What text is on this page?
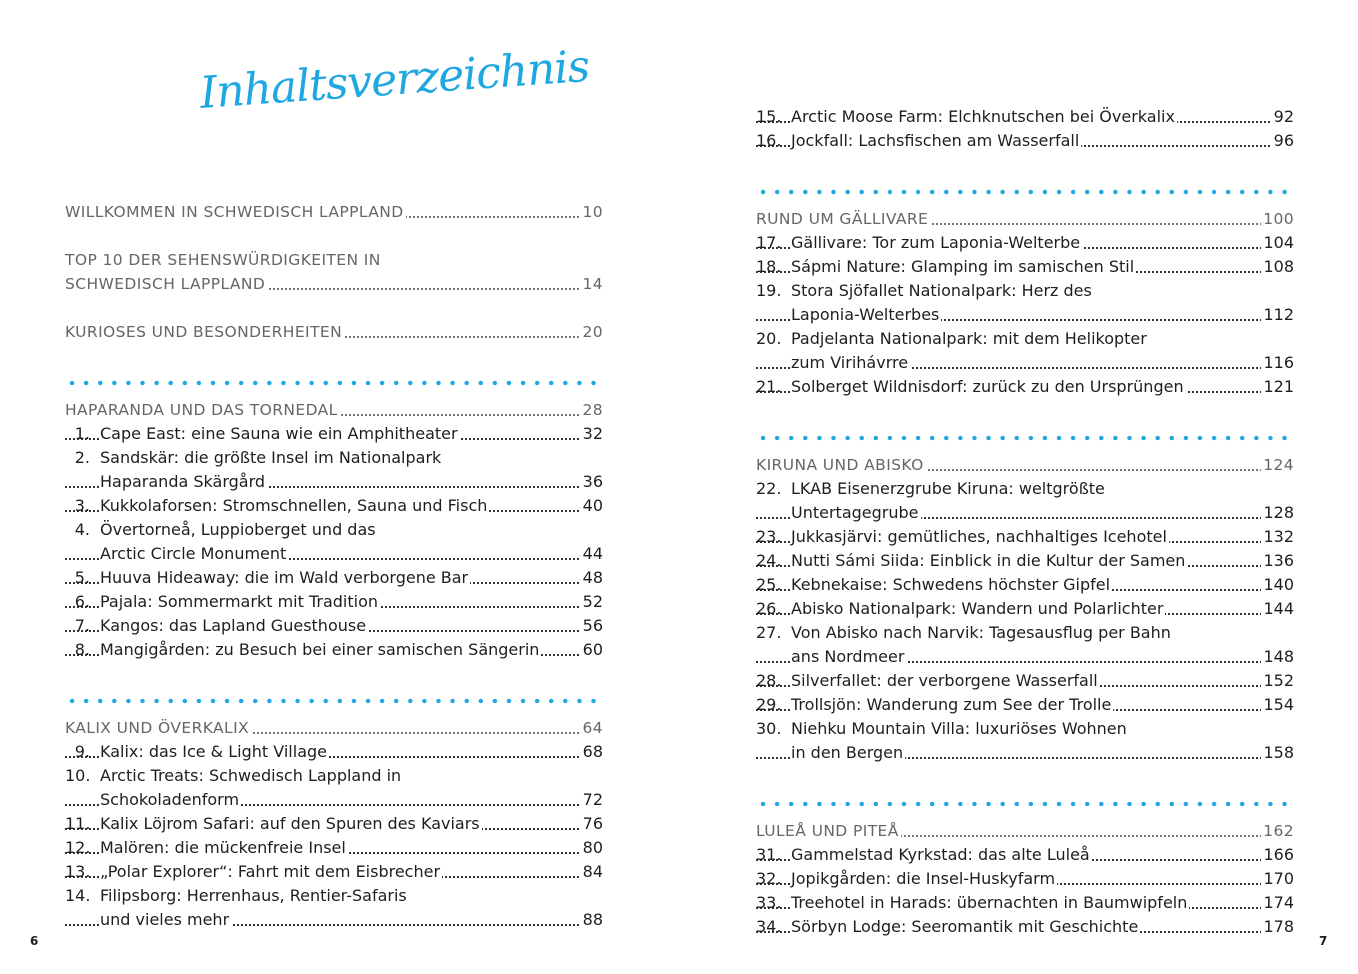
Inhaltsverzeichnis
WILLKOMMEN IN SCHWEDISCH LAPPLAND	10
TOP 10 DER SEHENSWÜRDIGKEITEN IN
SCHWEDISCH LAPPLAND	14
KURIOSES UND BESONDERHEITEN	20
HAPARANDA UND DAS TORNEDAL	28
1. Cape East: eine Sauna wie ein Amphitheater	32
2. Sandskär: die größte Insel im Nationalpark
Haparanda Skärgård	36
3. Kukkolaforsen: Stromschnellen, Sauna und Fisch	40
4. Övertorneå, Luppioberget und das
Arctic Circle Monument	44
5. Huuva Hideaway: die im Wald verborgene Bar	48
6. Pajala: Sommermarkt mit Tradition	52
7. Kangos: das Lapland Guesthouse	56
8. Mangigården: zu Besuch bei einer samischen Sängerin	60
KALIX UND ÖVERKALIX	64
9. Kalix: das Ice & Light Village	68
10. Arctic Treats: Schwedisch Lappland in
Schokoladenform	72
11. Kalix Löjrom Safari: auf den Spuren des Kaviars	76
12. Malören: die mückenfreie Insel	80
13. „Polar Explorer“: Fahrt mit dem Eisbrecher	84
14. Filipsborg: Herrenhaus, Rentier-Safaris
und vieles mehr	88
6
15. Arctic Moose Farm: Elchknutschen bei Överkalix	92
16. Jockfall: Lachsfischen am Wasserfall	96
RUND UM GÄLLIVARE	100
17. Gällivare: Tor zum Laponia-Welterbe	104
18. Sápmi Nature: Glamping im samischen Stil	108
19. Stora Sjöfallet Nationalpark: Herz des
Laponia-Welterbes	112
20. Padjelanta Nationalpark: mit dem Helikopter
zum Virihávrre	116
21. Solberget Wildnisdorf: zurück zu den Ursprüngen	121
KIRUNA UND ABISKO	124
22. LKAB Eisenerzgrube Kiruna: weltgrößte
Untertagegrube	128
23. Jukkasjärvi: gemütliches, nachhaltiges Icehotel	132
24. Nutti Sámi Siida: Einblick in die Kultur der Samen	136
25. Kebnekaise: Schwedens höchster Gipfel	140
26. Abisko Nationalpark: Wandern und Polarlichter	144
27. Von Abisko nach Narvik: Tagesausflug per Bahn
ans Nordmeer	148
28. Silverfallet: der verborgene Wasserfall	152
29. Trollsjön: Wanderung zum See der Trolle	154
30. Niehku Mountain Villa: luxuriöses Wohnen
in den Bergen	158
LULEÅ UND PITEÅ	162
31. Gammelstad Kyrkstad: das alte Luleå	166
32. Jopikgården: die Insel-Huskyfarm	170
33. Treehotel in Harads: übernachten in Baumwipfeln	174
34. Sörbyn Lodge: Seeromantik mit Geschichte	178
7
